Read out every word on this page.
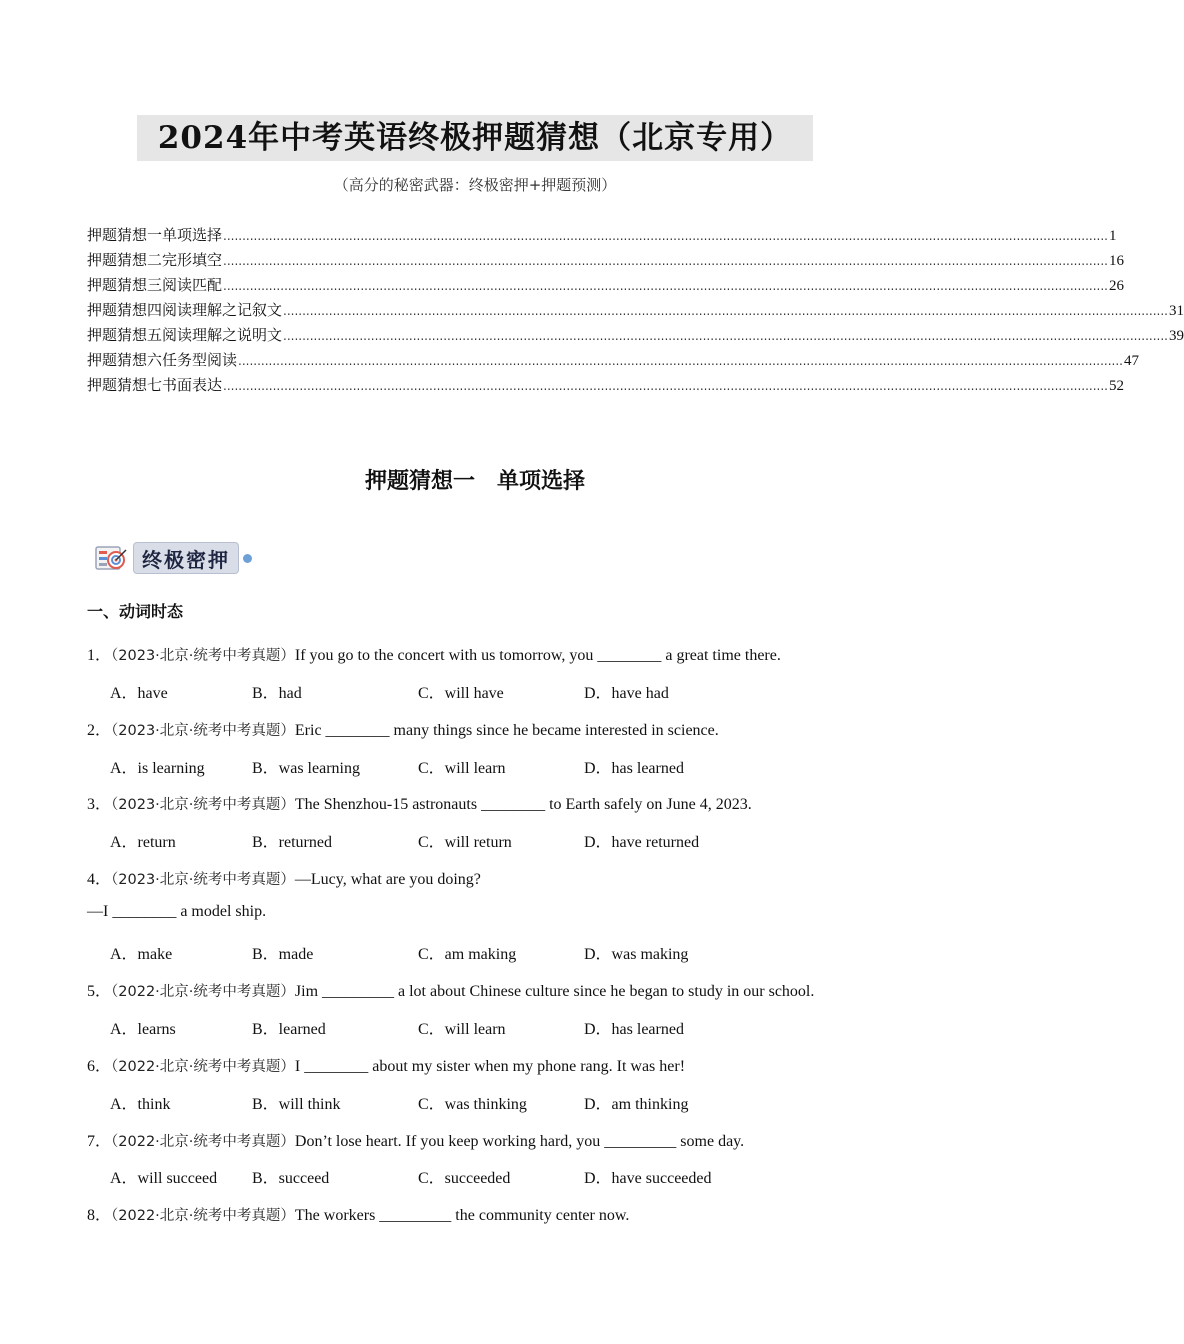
2024年中考英语终极押题猜想（北京专用）
（高分的秘密武器：终极密押+押题预测）
押题猜想一 单项选择 ........................................................................................................................................................................................................................................ 1
押题猜想二 完形填空 ........................................................................................................................................................................................................................................ 16
押题猜想三 阅读匹配 ........................................................................................................................................................................................................................................ 26
押题猜想四 阅读理解之记叙文 ........................................................................................................................................................................................................................................ 31
押题猜想五 阅读理解之说明文 ........................................................................................................................................................................................................................................ 39
押题猜想六 任务型阅读 ........................................................................................................................................................................................................................................ 47
押题猜想七 书面表达 ........................................................................................................................................................................................................................................ 52
押题猜想一　单项选择
终极密押
一、动词时态
1．（2023·北京·统考中考真题）If you go to the concert with us tomorrow, you ________ a great time there.
A．have	B．had	C．will have	D．have had
2．（2023·北京·统考中考真题）Eric ________ many things since he became interested in science.
A．is learning	B．was learning	C．will learn	D．has learned
3．（2023·北京·统考中考真题）The Shenzhou-15 astronauts ________ to Earth safely on June 4, 2023.
A．return	B．returned	C．will return	D．have returned
4．（2023·北京·统考中考真题）—Lucy, what are you doing?
—I ________ a model ship.
A．make	B．made	C．am making	D．was making
5．（2022·北京·统考中考真题）Jim _________ a lot about Chinese culture since he began to study in our school.
A．learns	B．learned	C．will learn	D．has learned
6．（2022·北京·统考中考真题）I ________ about my sister when my phone rang. It was her!
A．think	B．will think	C．was thinking	D．am thinking
7．（2022·北京·统考中考真题）Don’t lose heart. If you keep working hard, you _________ some day.
A．will succeed	B．succeed	C．succeeded	D．have succeeded
8．（2022·北京·统考中考真题）The workers _________ the community center now.
